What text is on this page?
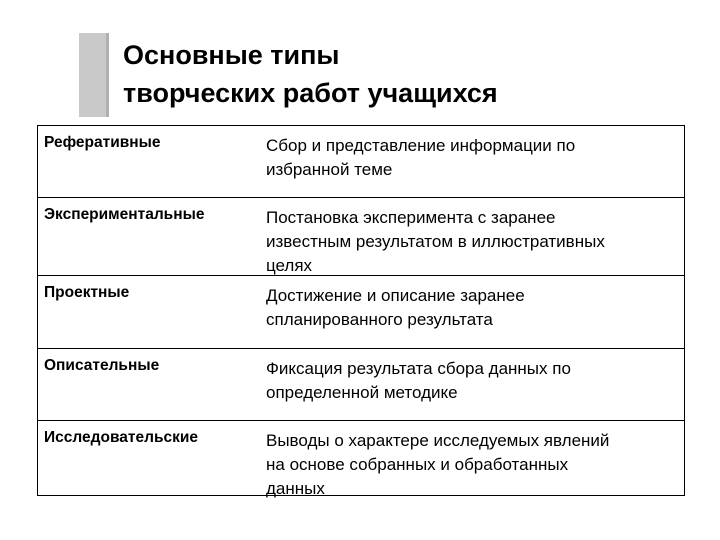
Основные типы
творческих работ учащихся
Реферативные	Сбор и представление информации по
избранной теме
Экспериментальные	Постановка эксперимента с заранее
известным результатом в иллюстративных
целях
Проектные	Достижение и описание заранее
спланированного результата
Описательные	Фиксация результата сбора данных по
определенной методике
Исследовательские	Выводы о характере исследуемых явлений
на основе собранных и обработанных
данных
